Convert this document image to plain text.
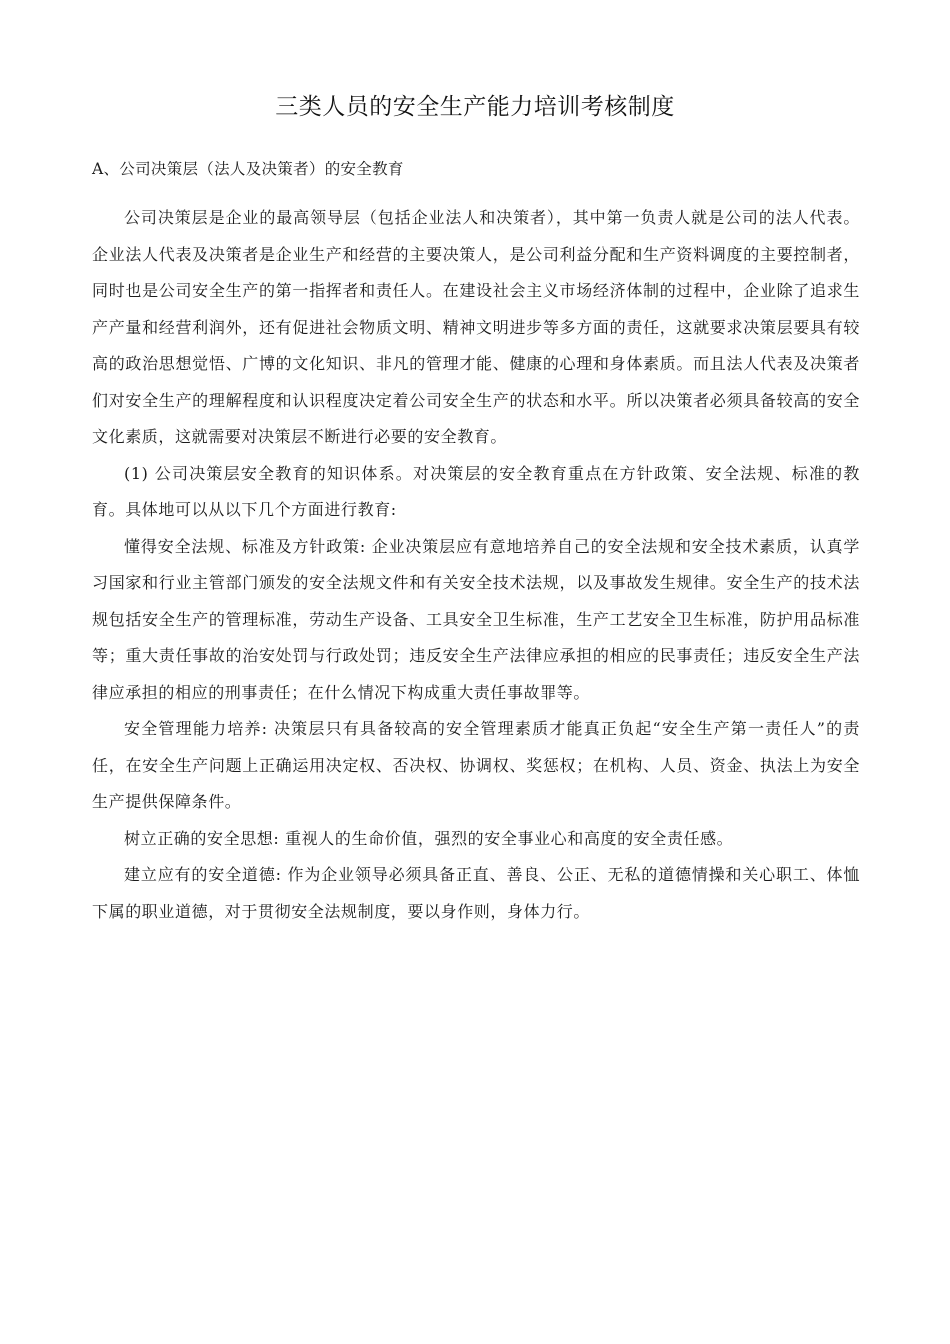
三类人员的安全生产能力培训考核制度
A、公司决策层（法人及决策者）的安全教育

公司决策层是企业的最高领导层（包括企业法人和决策者），其中第一负责人就是公司的法人代表。企业法人代表及决策者是企业生产和经营的主要决策人，是公司利益分配和生产资料调度的主要控制者，同时也是公司安全生产的第一指挥者和责任人。在建设社会主义市场经济体制的过程中，企业除了追求生产产量和经营利润外，还有促进社会物质文明、精神文明进步等多方面的责任，这就要求决策层要具有较高的政治思想觉悟、广博的文化知识、非凡的管理才能、健康的心理和身体素质。而且法人代表及决策者们对安全生产的理解程度和认识程度决定着公司安全生产的状态和水平。所以决策者必须具备较高的安全文化素质，这就需要对决策层不断进行必要的安全教育。

(1) 公司决策层安全教育的知识体系。对决策层的安全教育重点在方针政策、安全法规、标准的教育。具体地可以从以下几个方面进行教育:

懂得安全法规、标准及方针政策: 企业决策层应有意地培养自己的安全法规和安全技术素质，认真学习国家和行业主管部门颁发的安全法规文件和有关安全技术法规，以及事故发生规律。安全生产的技术法规包括安全生产的管理标准，劳动生产设备、工具安全卫生标准，生产工艺安全卫生标准，防护用品标准等；重大责任事故的治安处罚与行政处罚；违反安全生产法律应承担的相应的民事责任；违反安全生产法律应承担的相应的刑事责任；在什么情况下构成重大责任事故罪等。

安全管理能力培养: 决策层只有具备较高的安全管理素质才能真正负起“安全生产第一责任人”的责任，在安全生产问题上正确运用决定权、否决权、协调权、奖惩权；在机构、人员、资金、执法上为安全生产提供保障条件。

树立正确的安全思想: 重视人的生命价值，强烈的安全事业心和高度的安全责任感。

建立应有的安全道德: 作为企业领导必须具备正直、善良、公正、无私的道德情操和关心职工、体恤下属的职业道德，对于贯彻安全法规制度，要以身作则，身体力行。
